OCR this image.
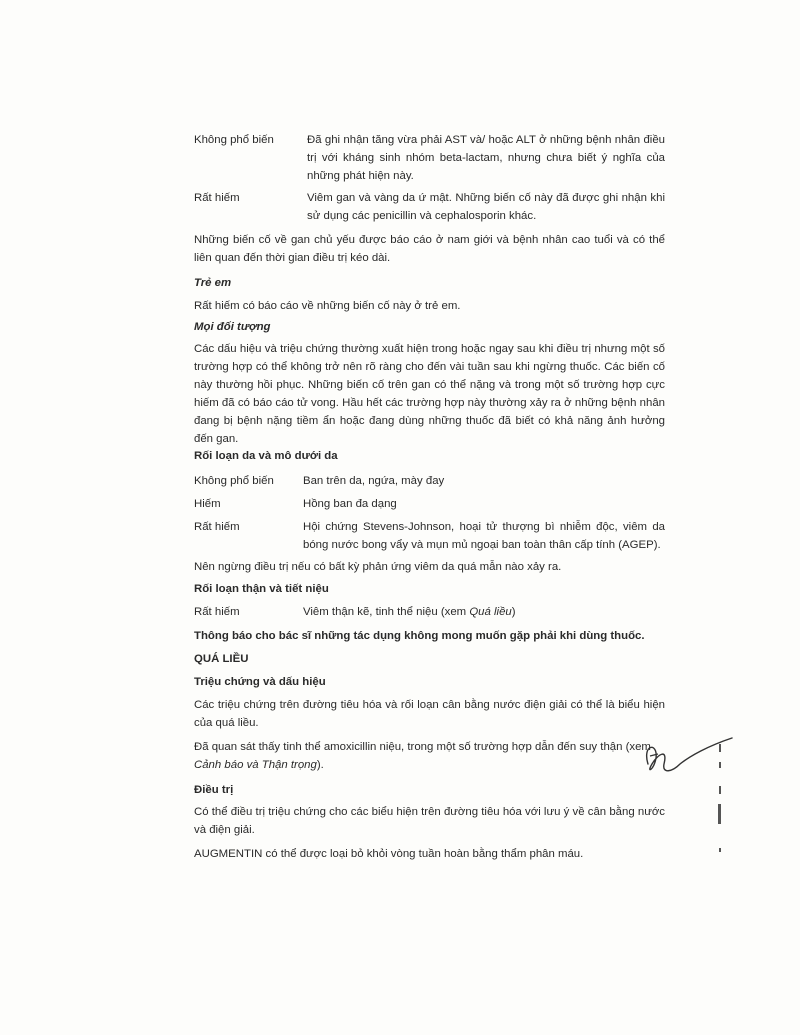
Không phổ biến	Đã ghi nhận tăng vừa phải AST và/ hoặc ALT ở những bệnh nhân điều trị với kháng sinh nhóm beta-lactam, nhưng chưa biết ý nghĩa của những phát hiện này.
Rất hiếm	Viêm gan và vàng da ứ mật. Những biến cố này đã được ghi nhận khi sử dụng các penicillin và cephalosporin khác.
Những biến cố về gan chủ yếu được báo cáo ở nam giới và bệnh nhân cao tuổi và có thể liên quan đến thời gian điều trị kéo dài.
Trẻ em
Rất hiếm có báo cáo về những biến cố này ở trẻ em.
Mọi đối tượng
Các dấu hiệu và triệu chứng thường xuất hiện trong hoặc ngay sau khi điều trị nhưng một số trường hợp có thể không trở nên rõ ràng cho đến vài tuần sau khi ngừng thuốc. Các biến cố này thường hồi phục. Những biến cố trên gan có thể nặng và trong một số trường hợp cực hiếm đã có báo cáo tử vong. Hầu hết các trường hợp này thường xảy ra ở những bệnh nhân đang bị bệnh nặng tiềm ẩn hoặc đang dùng những thuốc đã biết có khả năng ảnh hưởng đến gan.
Rối loạn da và mô dưới da
Không phổ biến	Ban trên da, ngứa, mày đay
Hiếm	Hồng ban đa dạng
Rất hiếm	Hội chứng Stevens-Johnson, hoại tử thượng bì nhiễm độc, viêm da bóng nước bong vẩy và mụn mủ ngoại ban toàn thân cấp tính (AGEP).
Nên ngừng điều trị nếu có bất kỳ phản ứng viêm da quá mẫn nào xảy ra.
Rối loạn thận và tiết niệu
Rất hiếm	Viêm thận kẽ, tinh thể niệu (xem Quá liều)
Thông báo cho bác sĩ những tác dụng không mong muốn gặp phải khi dùng thuốc.
QUÁ LIỀU
Triệu chứng và dấu hiệu
Các triệu chứng trên đường tiêu hóa và rối loạn cân bằng nước điện giải có thể là biểu hiện của quá liều.
Đã quan sát thấy tinh thể amoxicillin niệu, trong một số trường hợp dẫn đến suy thận (xem
Cảnh báo và Thận trọng).
Điều trị
Có thể điều trị triệu chứng cho các biểu hiện trên đường tiêu hóa với lưu ý về cân bằng nước và điện giải.
AUGMENTIN có thể được loại bỏ khỏi vòng tuần hoàn bằng thẩm phân máu.
